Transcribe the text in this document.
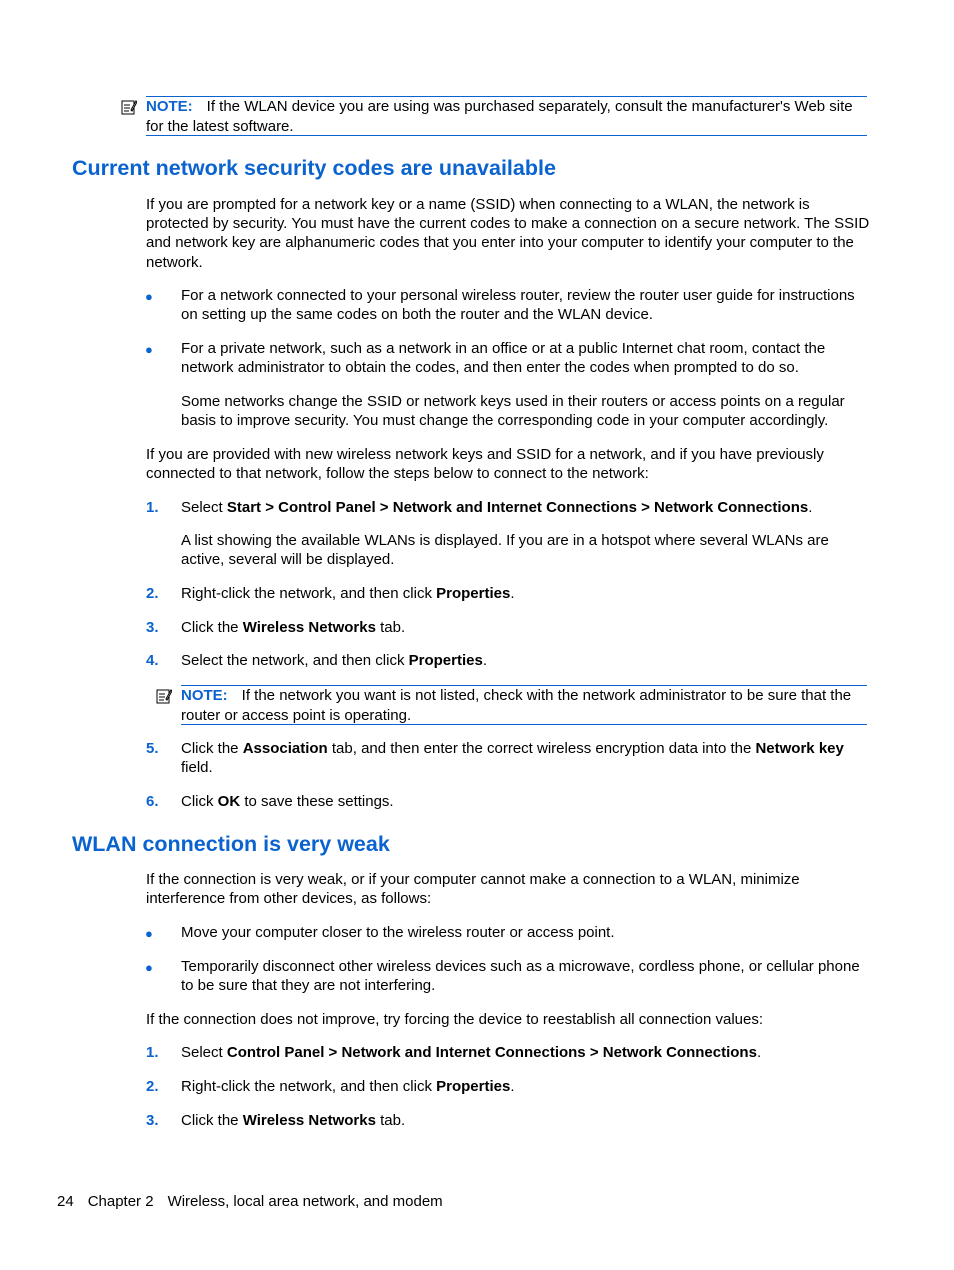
NOTE: If the WLAN device you are using was purchased separately, consult the manufacturer's Web site for the latest software.
Current network security codes are unavailable

If you are prompted for a network key or a name (SSID) when connecting to a WLAN, the network is protected by security. You must have the current codes to make a connection on a secure network. The SSID and network key are alphanumeric codes that you enter into your computer to identify your computer to the network.

● For a network connected to your personal wireless router, review the router user guide for instructions on setting up the same codes on both the router and the WLAN device.

● For a private network, such as a network in an office or at a public Internet chat room, contact the network administrator to obtain the codes, and then enter the codes when prompted to do so.

Some networks change the SSID or network keys used in their routers or access points on a regular basis to improve security. You must change the corresponding code in your computer accordingly.

If you are provided with new wireless network keys and SSID for a network, and if you have previously connected to that network, follow the steps below to connect to the network:

1. Select Start > Control Panel > Network and Internet Connections > Network Connections.

A list showing the available WLANs is displayed. If you are in a hotspot where several WLANs are active, several will be displayed.

2. Right-click the network, and then click Properties.

3. Click the Wireless Networks tab.

4. Select the network, and then click Properties.

NOTE: If the network you want is not listed, check with the network administrator to be sure that the router or access point is operating.
5. Click the Association tab, and then enter the correct wireless encryption data into the Network key field.

6. Click OK to save these settings.

WLAN connection is very weak

If the connection is very weak, or if your computer cannot make a connection to a WLAN, minimize interference from other devices, as follows:

● Move your computer closer to the wireless router or access point.

● Temporarily disconnect other wireless devices such as a microwave, cordless phone, or cellular phone to be sure that they are not interfering.

If the connection does not improve, try forcing the device to reestablish all connection values:

1. Select Control Panel > Network and Internet Connections > Network Connections.

2. Right-click the network, and then click Properties.

3. Click the Wireless Networks tab.

24 Chapter 2 Wireless, local area network, and modem
